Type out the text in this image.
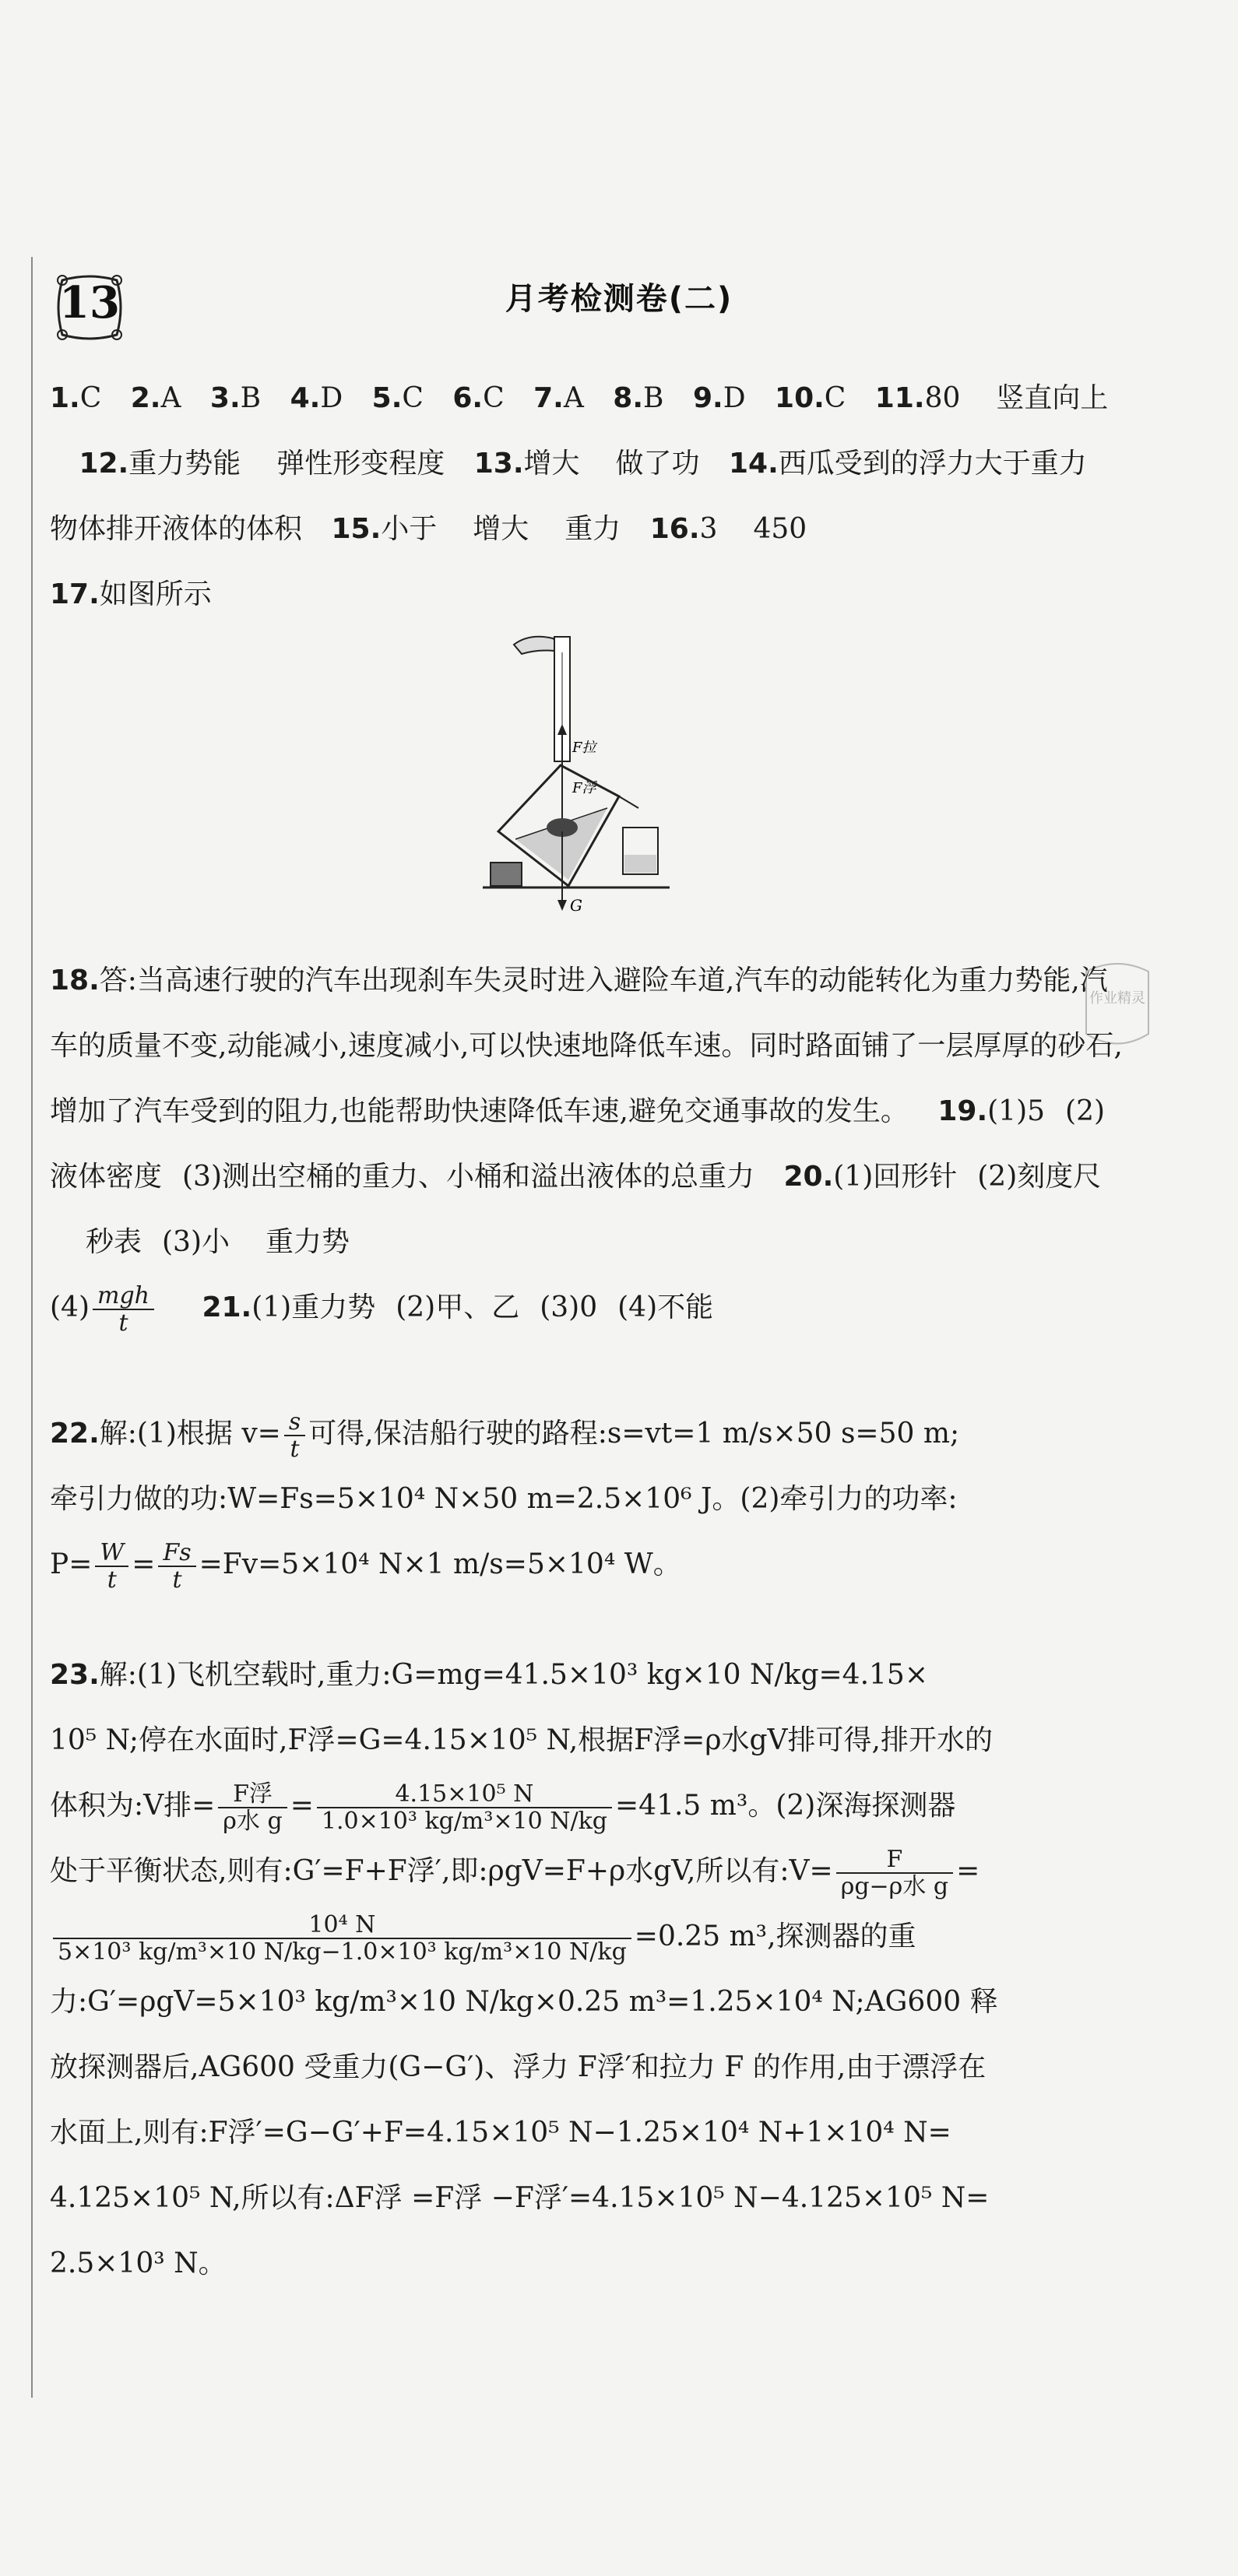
13	月考检测卷(二)
1.C 2.A 3.B 4.D 5.C 6.C 7.A 8.B 9.D 10.C 11.80 竖直向上 12.重力势能 弹性形变程度 13.增大 做了功 14.西瓜受到的浮力大于重力物体排开液体的体积 15.小于 增大 重力 16.3 450
17.如图所示
F拉
F浮
G
作业精灵
18.答:当高速行驶的汽车出现刹车失灵时进入避险车道,汽车的动能转化为重力势能,汽车的质量不变,动能减小,速度减小,可以快速地降低车速。同时路面铺了一层厚厚的砂石,增加了汽车受到的阻力,也能帮助快速降低车速,避免交通事故的发生。 19.(1)5 (2)液体密度 (3)测出空桶的重力、小桶和溢出液体的总重力 20.(1)回形针 (2)刻度尺秒表 (3)小 重力势
$(4) \frac{\text{mgh}}{t} 21.(1)$重力势 (2)甲、乙 (3)0 (4)不能
22.解:(1)根据 $v= \frac{s}{t}$ 可得,保洁船行驶的路程:s=vt=1 m/s×50 s=50 m;
牵引力做的功:W=Fs=5×10⁴ N×50 m=2.5×10⁶ J。(2)牵引力的功率:
$P= \frac{W}{t} = \frac{Fs}{t} =Fv=5\times 10^4$ N×1 m/s=5×10⁴ W。
23.解:(1)飞机空载时,重力:G=mg=41.5×10³ kg×10 N/kg=4.15×
10⁵ N;停在水面时,F浮=G=4.15×10⁵ N,根据F浮=ρ水gV排可得,排开水的
体积为:V排= $\frac{\text{F浮}}{\text{ρ水 g}} = \frac{\text{4.15×10⁵ N}}{\text{1.0×10³ kg/m³×10 N/kg}} =41.5$ m³。(2)深海探测器
处于平衡状态,则有:G′=F+F浮′,即:ρgV=F+ρ水gV,所以有:V= $\frac{F}{\text{ρg−ρ水 g}}$ =
$\frac{\text{10⁴ N}}{\text{5×10³ kg/m³×10 N/kg−1.0×10³ kg/m³×10 N/kg}} =0.25$ m³,探测器的重
力:G′=ρgV=5×10³ kg/m³×10 N/kg×0.25 m³=1.25×10⁴ N;AG600 释
放探测器后,AG600 受重力(G−G′)、浮力 F浮′和拉力 F 的作用,由于漂浮在
水面上,则有:F浮′=G−G′+F=4.15×10⁵ N−1.25×10⁴ N+1×10⁴ N=
4.125×10⁵ N,所以有:ΔF浮 =F浮 −F浮′=4.15×10⁵ N−4.125×10⁵ N=
2.5×10³ N。
